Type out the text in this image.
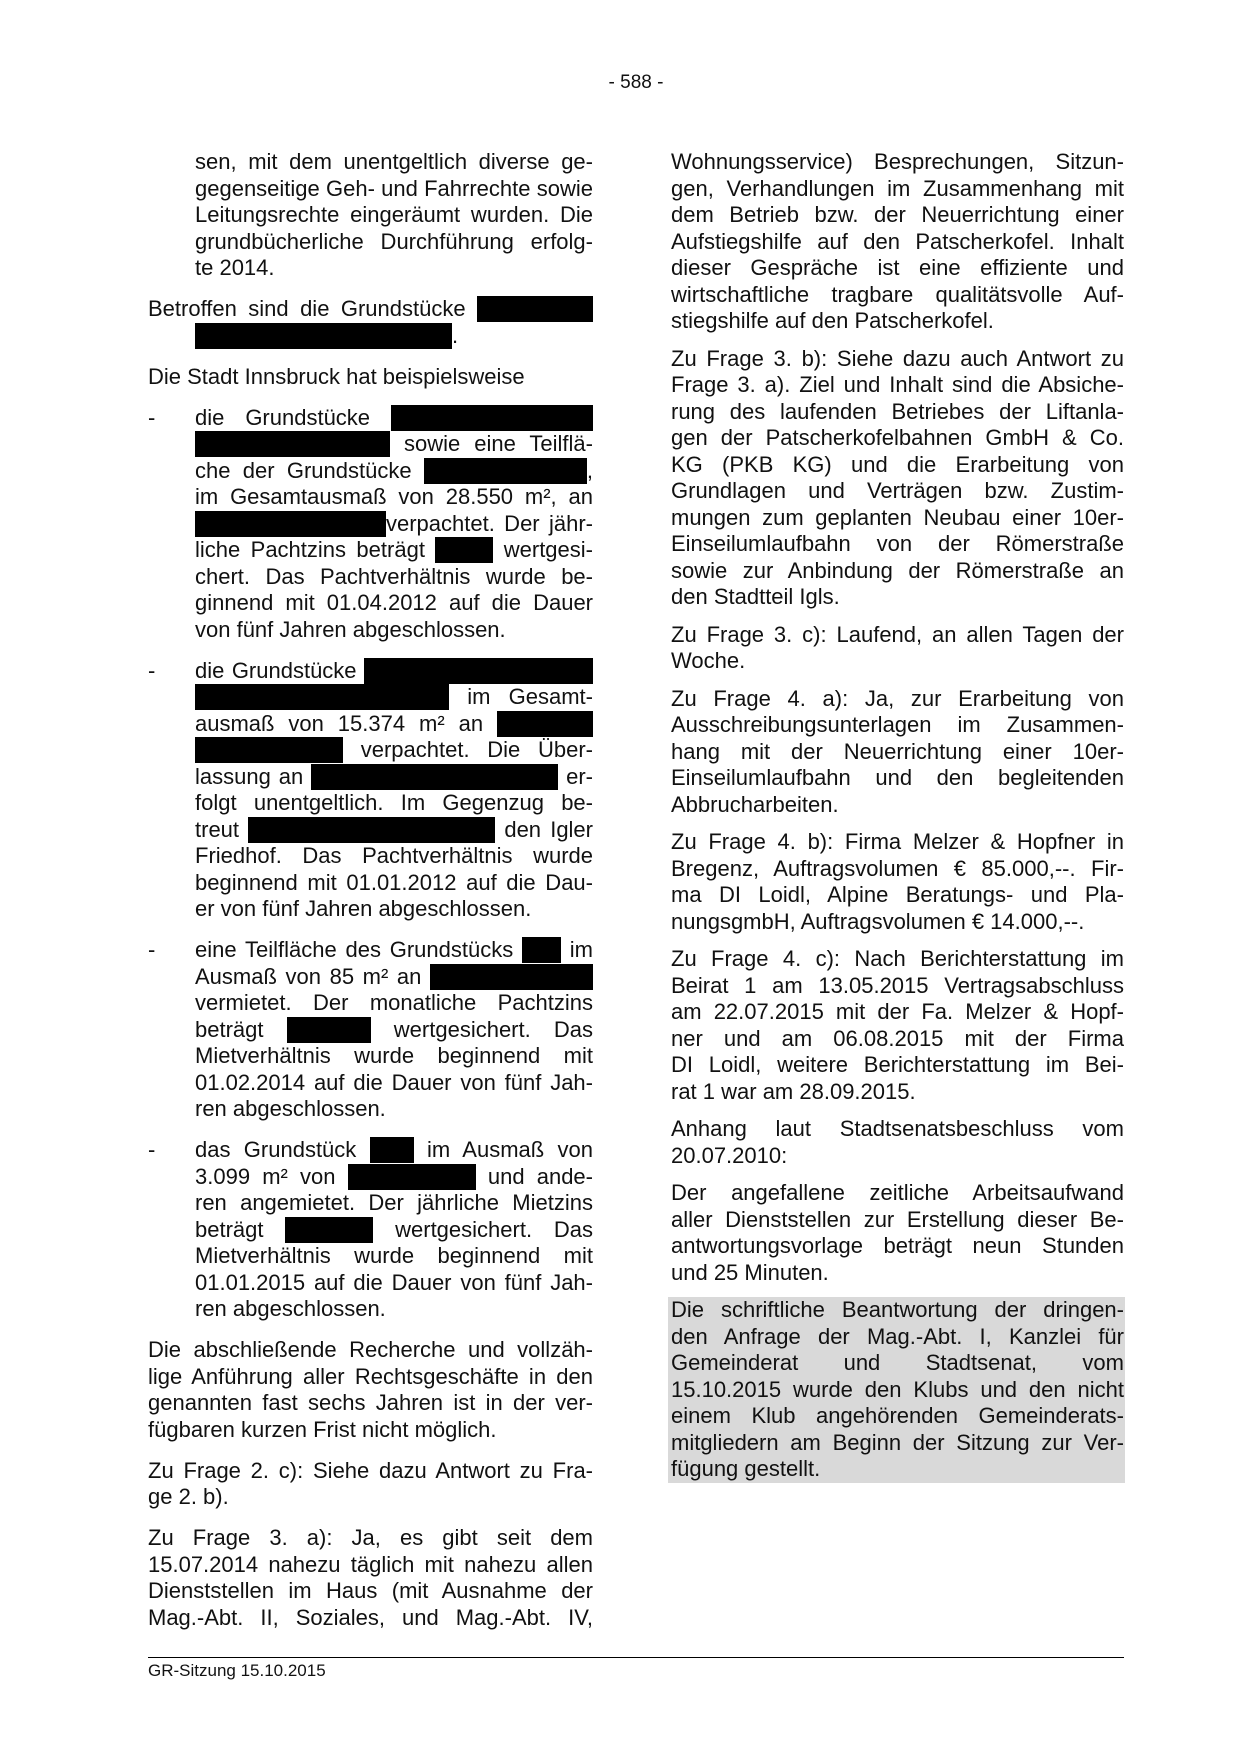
- 588 -
sen, mit dem unentgeltlich diverse ge-
gegenseitige Geh- und Fahrrechte sowie
Leitungsrechte eingeräumt wurden. Die
grundbücherliche Durchführung erfolg-
te 2014.
Betroffen sind die Grundstücke
.
Die Stadt Innsbruck hat beispielsweise
- die Grundstücke
sowie eine Teilflä-
che der Grundstücke	,
im Gesamtausmaß von 28.550 m², an
verpachtet. Der jähr-
liche Pachtzins beträgt	wertgesi-
chert. Das Pachtverhältnis wurde be-
ginnend mit 01.04.2012 auf die Dauer
von fünf Jahren abgeschlossen.
- die Grundstücke
im Gesamt-
ausmaß von 15.374 m² an
verpachtet. Die Über-
lassung an	er-
folgt unentgeltlich. Im Gegenzug be-
treut	den Igler
Friedhof. Das Pachtverhältnis wurde
beginnend mit 01.01.2012 auf die Dau-
er von fünf Jahren abgeschlossen.
- eine Teilfläche des Grundstücks  im
Ausmaß von 85 m² an
vermietet. Der monatliche Pachtzins
beträgt	wertgesichert. Das
Mietverhältnis wurde beginnend mit
01.02.2014 auf die Dauer von fünf Jah-
ren abgeschlossen.
- das Grundstück  im Ausmaß von
3.099 m² von	und ande-
ren angemietet. Der jährliche Mietzins
beträgt	wertgesichert. Das
Mietverhältnis wurde beginnend mit
01.01.2015 auf die Dauer von fünf Jah-
ren abgeschlossen.
Die abschließende Recherche und vollzäh-
lige Anführung aller Rechtsgeschäfte in den
genannten fast sechs Jahren ist in der ver-
fügbaren kurzen Frist nicht möglich.
Zu Frage 2. c): Siehe dazu Antwort zu Fra-
ge 2. b).
Zu Frage 3. a): Ja, es gibt seit dem
15.07.2014 nahezu täglich mit nahezu allen
Dienststellen im Haus (mit Ausnahme der
Mag.-Abt. II, Soziales, und Mag.-Abt. IV,
Wohnungsservice) Besprechungen, Sitzun-
gen, Verhandlungen im Zusammenhang mit
dem Betrieb bzw. der Neuerrichtung einer
Aufstiegshilfe auf den Patscherkofel. Inhalt
dieser Gespräche ist eine effiziente und
wirtschaftliche tragbare qualitätsvolle Auf-
stiegshilfe auf den Patscherkofel.
Zu Frage 3. b): Siehe dazu auch Antwort zu
Frage 3. a). Ziel und Inhalt sind die Absiche-
rung des laufenden Betriebes der Liftanla-
gen der Patscherkofelbahnen GmbH & Co.
KG (PKB KG) und die Erarbeitung von
Grundlagen und Verträgen bzw. Zustim-
mungen zum geplanten Neubau einer 10er-
Einseilumlaufbahn von der Römerstraße
sowie zur Anbindung der Römerstraße an
den Stadtteil Igls.
Zu Frage 3. c): Laufend, an allen Tagen der
Woche.
Zu Frage 4. a): Ja, zur Erarbeitung von
Ausschreibungsunterlagen im Zusammen-
hang mit der Neuerrichtung einer 10er-
Einseilumlaufbahn und den begleitenden
Abbrucharbeiten.
Zu Frage 4. b): Firma Melzer & Hopfner in
Bregenz, Auftragsvolumen € 85.000,--. Fir-
ma DI Loidl, Alpine Beratungs- und Pla-
nungsgmbH, Auftragsvolumen € 14.000,--.
Zu Frage 4. c): Nach Berichterstattung im
Beirat 1 am 13.05.2015 Vertragsabschluss
am 22.07.2015 mit der Fa. Melzer & Hopf-
ner und am 06.08.2015 mit der Firma
DI Loidl, weitere Berichterstattung im Bei-
rat 1 war am 28.09.2015.
Anhang laut Stadtsenatsbeschluss vom
20.07.2010:
Der angefallene zeitliche Arbeitsaufwand
aller Dienststellen zur Erstellung dieser Be-
antwortungsvorlage beträgt neun Stunden
und 25 Minuten.
Die schriftliche Beantwortung der dringen-
den Anfrage der Mag.-Abt. I, Kanzlei für
Gemeinderat und Stadtsenat, vom
15.10.2015 wurde den Klubs und den nicht
einem Klub angehörenden Gemeinderats-
mitgliedern am Beginn der Sitzung zur Ver-
fügung gestellt.
GR-Sitzung 15.10.2015
